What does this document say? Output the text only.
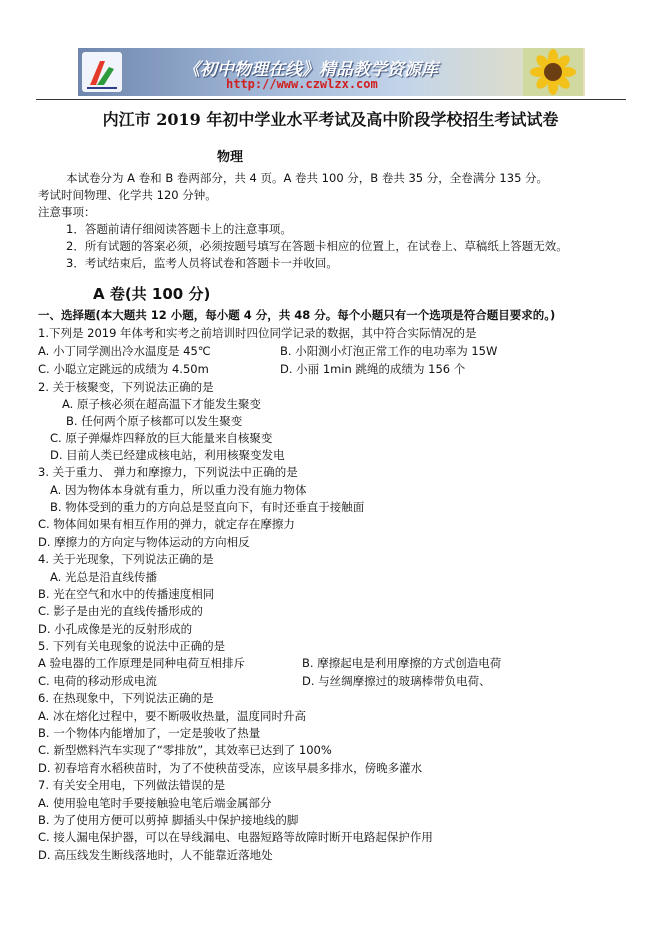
《初中物理在线》精品教学资源库
http://www.czwlzx.com
内江市 2019 年初中学业水平考试及高中阶段学校招生考试试卷
物理
本试卷分为 A 卷和 B 卷两部分，共 4 页。A 卷共 100 分，B 卷共 35 分，全卷满分 135 分。
考试时间物理、化学共 120 分钟。
注意事项：
1．答题前请仔细阅读答题卡上的注意事项。
2．所有试题的答案必须，必须按题号填写在答题卡相应的位置上，在试卷上、草稿纸上答题无效。
3．考试结束后，监考人员将试卷和答题卡一并收回。
A 卷(共 100 分)
一、选择题(本大题共 12 小题，每小题 4 分，共 48 分。每个小题只有一个选项是符合题目要求的。)
1.下列是 2019 年体考和实考之前培训时四位同学记录的数据，其中符合实际情况的是
A. 小丁同学测出冷水温度是 45℃	B. 小阳测小灯泡正常工作的电功率为 15W
C. 小聪立定跳远的成绩为 4.50m	D. 小丽 1min 跳绳的成绩为 156 个
2. 关于核聚变，下列说法正确的是
A. 原子核必须在超高温下才能发生聚变
B. 任何两个原子核都可以发生聚变
C. 原子弹爆炸四释放的巨大能量来自核聚变
D. 目前人类已经建成核电站，利用核聚变发电
3. 关于重力、 弹力和摩擦力，下列说法中正确的是
A. 因为物体本身就有重力，所以重力没有施力物体
B. 物体受到的重力的方向总是竖直向下，有时还垂直于接触面
C. 物体间如果有相互作用的弹力，就定存在摩擦力
D. 摩擦力的方向定与物体运动的方向相反
4. 关于光现象，下列说法正确的是
A. 光总是沿直线传播
B. 光在空气和水中的传播速度相同
C. 影子是由光的直线传播形成的
D. 小孔成像是光的反射形成的
5. 下列有关电现象的说法中正确的是
A 验电器的工作原理是同种电荷互相排斥	B. 摩擦起电是利用摩擦的方式创造电荷
C. 电荷的移动形成电流	D. 与丝绸摩擦过的玻璃棒带负电荷、
6. 在热现象中，下列说法正确的是
A. 冰在熔化过程中，要不断吸收热量，温度同时升高
B. 一个物体内能增加了，一定是骏收了热量
C. 新型燃料汽车实现了“零排放”，其效率已达到了 100%
D. 初春培育水稻秧苗时，为了不使秧苗受冻，应该早晨多排水，傍晚多灌水
7. 有关安全用电，下列做法错误的是
A. 使用验电笔时手要接触验电笔后端金属部分
B. 为了使用方便可以剪掉 脚插头中保护接地线的脚
C. 接人漏电保护器，可以在导线漏电、电器短路等故障时断开电路起保护作用
D. 高压线发生断线落地时，人不能靠近落地处
